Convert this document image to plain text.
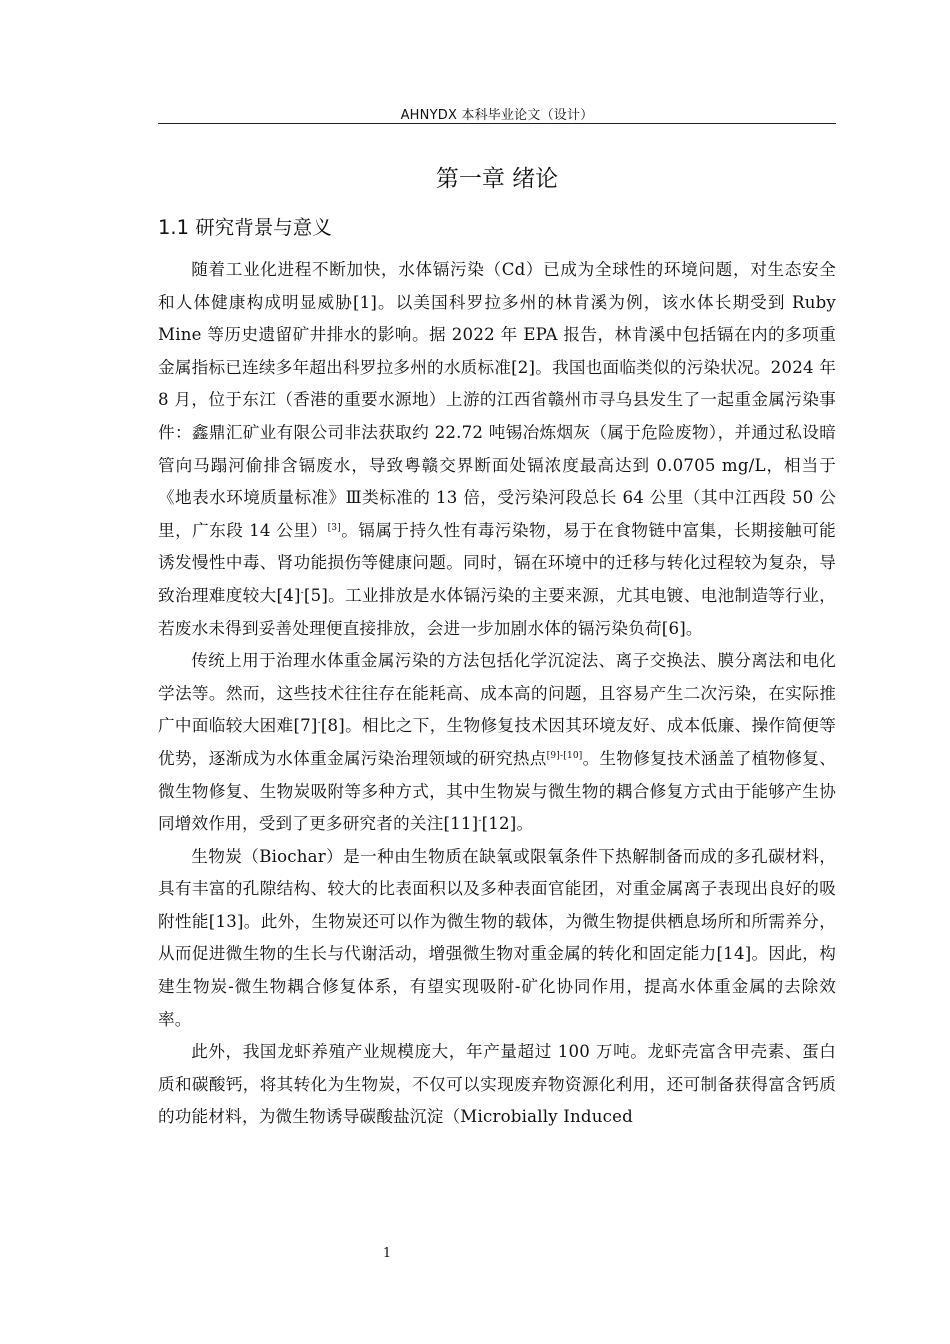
AHNYDX 本科毕业论文（设计）
第一章 绪论
1.1 研究背景与意义

随着工业化进程不断加快，水体镉污染（Cd）已成为全球性的环境问题，对生态安全和人体健康构成明显威胁[1]。以美国科罗拉多州的林肯溪为例，该水体长期受到 Ruby Mine 等历史遗留矿井排水的影响。据 2022 年 EPA 报告，林肯溪中包括镉在内的多项重金属指标已连续多年超出科罗拉多州的水质标准[2]。我国也面临类似的污染状况。2024 年 8 月，位于东江（香港的重要水源地）上游的江西省赣州市寻乌县发生了一起重金属污染事件：鑫鼎汇矿业有限公司非法获取约 22.72 吨锡冶炼烟灰（属于危险废物），并通过私设暗管向马蹋河偷排含镉废水，导致粤赣交界断面处镉浓度最高达到 0.0705 mg/L，相当于《地表水环境质量标准》Ⅲ类标准的 13 倍，受污染河段总长 64 公里（其中江西段 50 公里，广东段 14 公里）[3]。镉属于持久性有毒污染物，易于在食物链中富集，长期接触可能诱发慢性中毒、肾功能损伤等健康问题。同时，镉在环境中的迁移与转化过程较为复杂，导致治理难度较大[4]-[5]。工业排放是水体镉污染的主要来源，尤其电镀、电池制造等行业，若废水未得到妥善处理便直接排放，会进一步加剧水体的镉污染负荷[6]。

传统上用于治理水体重金属污染的方法包括化学沉淀法、离子交换法、膜分离法和电化学法等。然而，这些技术往往存在能耗高、成本高的问题，且容易产生二次污染，在实际推广中面临较大困难[7]-[8]。相比之下，生物修复技术因其环境友好、成本低廉、操作简便等优势，逐渐成为水体重金属污染治理领域的研究热点[9]-[10]。生物修复技术涵盖了植物修复、微生物修复、生物炭吸附等多种方式，其中生物炭与微生物的耦合修复方式由于能够产生协同增效作用，受到了更多研究者的关注[11]-[12]。

生物炭（Biochar）是一种由生物质在缺氧或限氧条件下热解制备而成的多孔碳材料，具有丰富的孔隙结构、较大的比表面积以及多种表面官能团，对重金属离子表现出良好的吸附性能[13]。此外，生物炭还可以作为微生物的载体，为微生物提供栖息场所和所需养分，从而促进微生物的生长与代谢活动，增强微生物对重金属的转化和固定能力[14]。因此，构建生物炭-微生物耦合修复体系，有望实现吸附-矿化协同作用，提高水体重金属的去除效率。

此外，我国龙虾养殖产业规模庞大，年产量超过 100 万吨。龙虾壳富含甲壳素、蛋白质和碳酸钙，将其转化为生物炭，不仅可以实现废弃物资源化利用，还可制备获得富含钙质的功能材料，为微生物诱导碳酸盐沉淀（Microbially Induced

1
